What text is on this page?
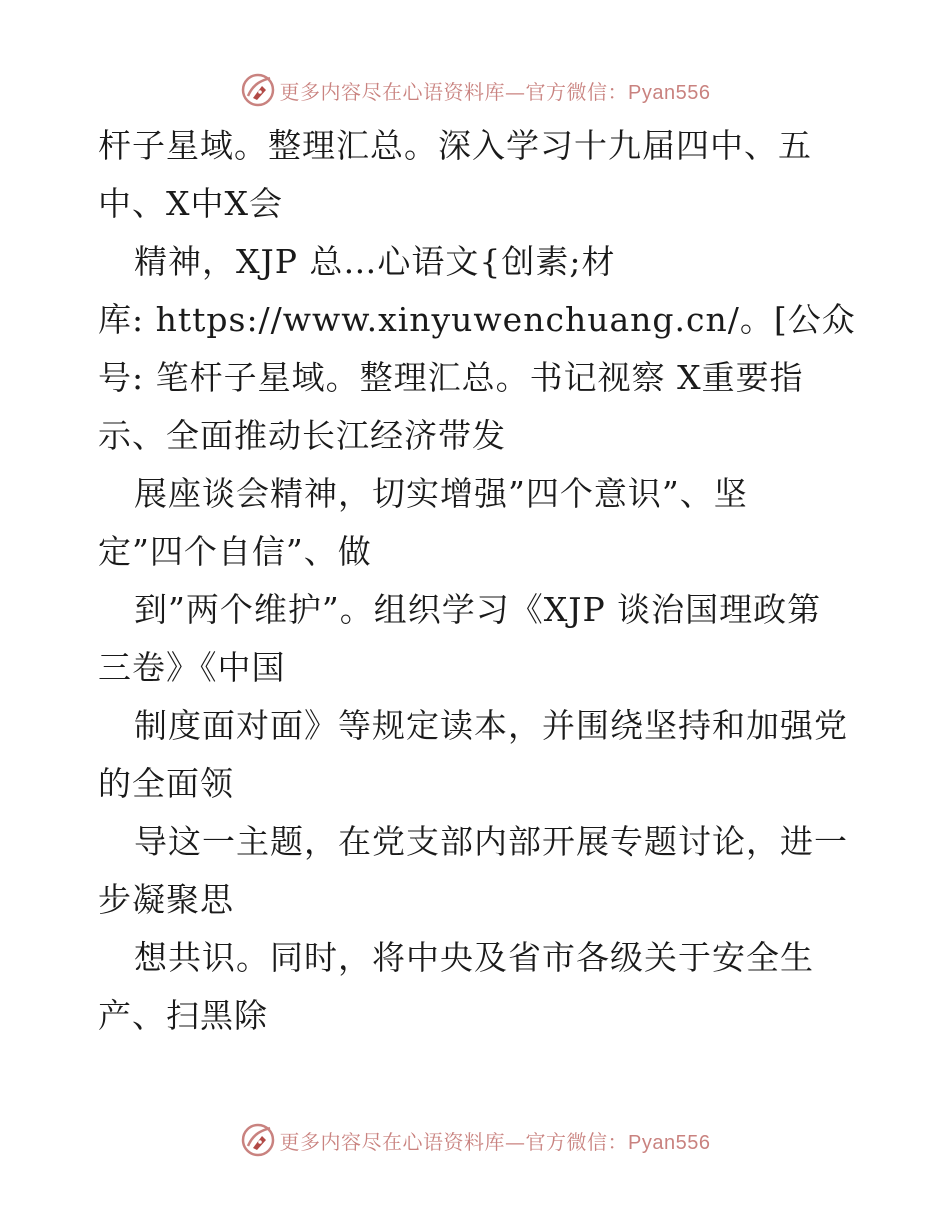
更多内容尽在心语资料库—官方微信：Pyan556
杆子星域。整理汇总。深入学习十九届四中、五
中、X中X会
精神，XJP 总…心语文{创素;材
库: https://www.xinyuwenchuang.cn/。[公众
号: 笔杆子星域。整理汇总。书记视察 X重要指
示、全面推动长江经济带发
展座谈会精神，切实增强”四个意识”、坚
定”四个自信”、做
到”两个维护”。组织学习《XJP 谈治国理政第
三卷》《中国
制度面对面》等规定读本，并围绕坚持和加强党
的全面领
导这一主题，在党支部内部开展专题讨论，进一
步凝聚思
想共识。同时，将中央及省市各级关于安全生
产、扫黑除
更多内容尽在心语资料库—官方微信：Pyan556
